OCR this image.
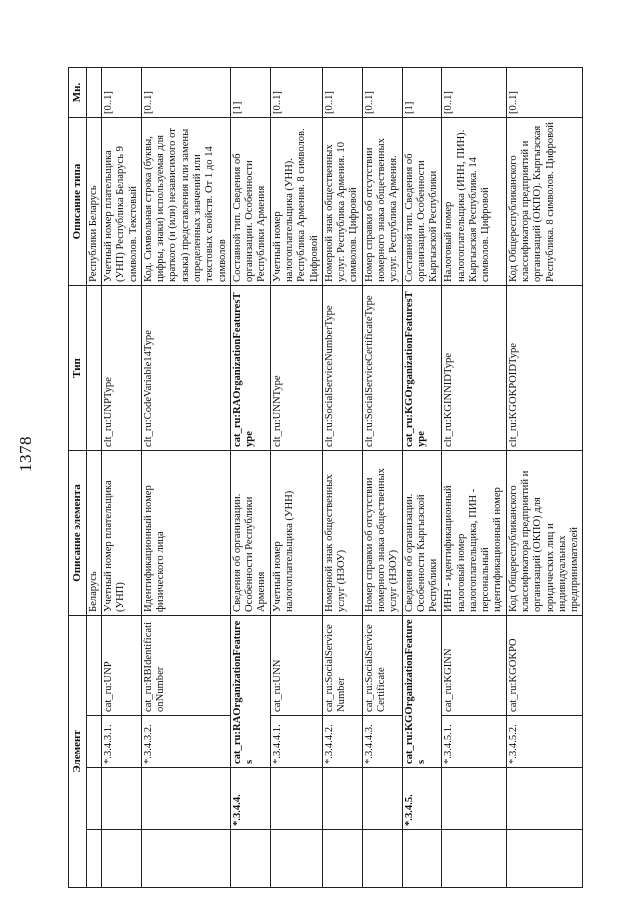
1378
Элемент				Описание элемента	Тип	Описание типа	Мн.
				Беларусь		Республики Беларусь	
		*.3.4.3.1.	cat_ru:UNP	Учетный номер плательщика (УНП)	clt_ru:UNPType	Учетный номер плательщика (УНП) Республика Беларусь 9 символов. Текстовый	[0..1]
		*.3.4.3.2.	cat_ru:RBIdentificationNumber	Идентификационный номер физического лица	clt_ru:CodeVariable14Type	Код. Символьная строка (буквы, цифры, знаки) используемая для краткого (и (или) независимого от языка) представления или замены определенных значений или текстовых свойств. От 1 до 14 символов	[0..1]
	*.3.4.4.	cat_ru:RAOrganizationFeatures		Сведения об организации. Особенности Республики Армения	cat_ru:RAOrganizationFeaturesType	Составной тип. Сведения об организации. Особенности Республики Армения	[1]
		*.3.4.4.1.	cat_ru:UNN	Учетный номер налогоплательщика (УНН)	clt_ru:UNNType	Учетный номер налогоплательщика (УНН). Республика Армения. 8 символов. Цифровой	[0..1]
		*.3.4.4.2.	cat_ru:SocialServiceNumber	Номерной знак общественных услуг (НЗОУ)	clt_ru:SocialServiceNumberType	Номерной знак общественных услуг. Республика Армения. 10 символов. Цифровой	[0..1]
		*.3.4.4.3.	cat_ru:SocialServiceCertificate	Номер справки об отсутствии номерного знака общественных услуг (НЗОУ)	clt_ru:SocialServiceCertificateType	Номер справки об отсутствии номерного знака общественных услуг. Республика Армения.	[0..1]
	*.3.4.5.	cat_ru:KGOrganizationFeatures		Сведения об организации. Особенности Кыргызской Республики	cat_ru:KGOrganizationFeaturesType	Составной тип. Сведения об организации. Особенности Кыргызской Республики	[1]
		*.3.4.5.1.	cat_ru:KGINN	ИНН - идентификационный налоговый номер налогоплательщика, ПИН - персональный идентификационный номер	clt_ru:KGINNIDType	Налоговый номер налогоплательщика (ИНН, ПИН). Кыргызская Республика. 14 символов. Цифровой	[0..1]
		*.3.4.5.2.	cat_ru:KGOKPO	Код Общереспубликанского классификатора предприятий и организаций (ОКПО) для юридических лиц и индивидуальных предпринимателей	clt_ru:KGOKPOIDType	Код Общереспубликанского классификатора предприятий и организаций (ОКПО). Кыргызская Республика. 8 символов. Цифровой	[0..1]
